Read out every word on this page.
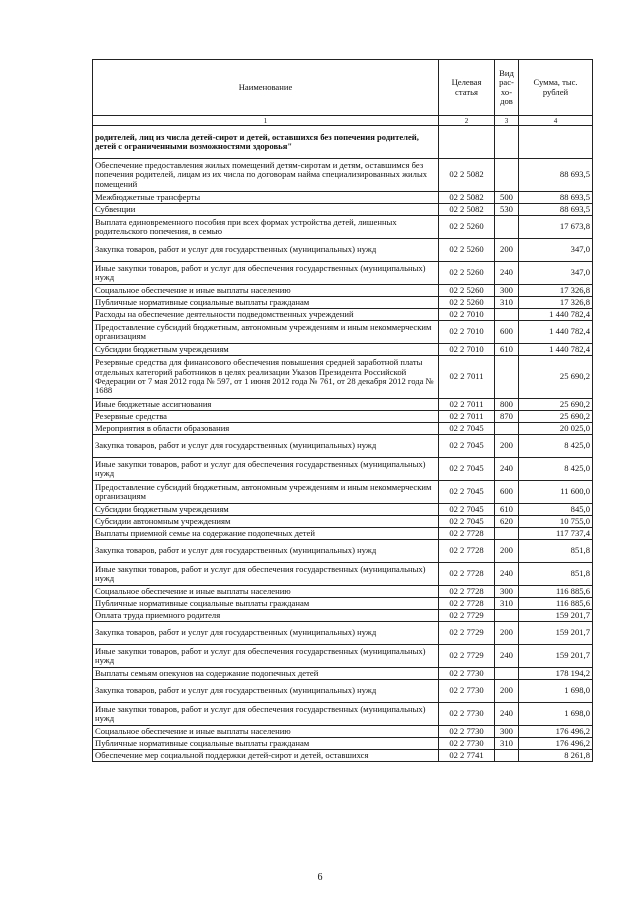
Наименование	Целевая статья	Вид рас-хо-дов	Сумма, тыс. рублей
1	2	3	4
родителей, лиц из числа детей-сирот и детей, оставшихся без попечения родителей, детей с ограниченными возможностями здоровья"			
Обеспечение предоставления жилых помещений детям-сиротам и детям, оставшимся без попечения родителей, лицам из их числа по договорам найма специализированных жилых помещений	02 2 5082		88 693,5
Межбюджетные трансферты	02 2 5082	500	88 693,5
Субвенции	02 2 5082	530	88 693,5
Выплата единовременного пособия при всех формах устройства детей, лишенных родительского попечения, в семью	02 2 5260		17 673,8
Закупка товаров, работ и услуг для государственных (муниципальных) нужд	02 2 5260	200	347,0
Иные закупки товаров, работ и услуг для обеспечения государственных (муниципальных) нужд	02 2 5260	240	347,0
Социальное обеспечение и иные выплаты населению	02 2 5260	300	17 326,8
Публичные нормативные социальные выплаты гражданам	02 2 5260	310	17 326,8
Расходы на обеспечение деятельности подведомственных учреждений	02 2 7010		1 440 782,4
Предоставление субсидий бюджетным, автономным учреждениям и иным некоммерческим организациям	02 2 7010	600	1 440 782,4
Субсидии бюджетным учреждениям	02 2 7010	610	1 440 782,4
Резервные средства для финансового обеспечения повышения средней заработной платы отдельных категорий работников в целях реализации Указов Президента Российской Федерации от 7 мая 2012 года № 597, от 1 июня 2012 года № 761, от 28 декабря 2012 года № 1688	02 2 7011		25 690,2
Иные бюджетные ассигнования	02 2 7011	800	25 690,2
Резервные средства	02 2 7011	870	25 690,2
Мероприятия в области образования	02 2 7045		20 025,0
Закупка товаров, работ и услуг для государственных (муниципальных) нужд	02 2 7045	200	8 425,0
Иные закупки товаров, работ и услуг для обеспечения государственных (муниципальных) нужд	02 2 7045	240	8 425,0
Предоставление субсидий бюджетным, автономным учреждениям и иным некоммерческим организациям	02 2 7045	600	11 600,0
Субсидии бюджетным учреждениям	02 2 7045	610	845,0
Субсидии автономным учреждениям	02 2 7045	620	10 755,0
Выплаты приемной семье на содержание подопечных детей	02 2 7728		117 737,4
Закупка товаров, работ и услуг для государственных (муниципальных) нужд	02 2 7728	200	851,8
Иные закупки товаров, работ и услуг для обеспечения государственных (муниципальных) нужд	02 2 7728	240	851,8
Социальное обеспечение и иные выплаты населению	02 2 7728	300	116 885,6
Публичные нормативные социальные выплаты гражданам	02 2 7728	310	116 885,6
Оплата труда приемного родителя	02 2 7729		159 201,7
Закупка товаров, работ и услуг для государственных (муниципальных) нужд	02 2 7729	200	159 201,7
Иные закупки товаров, работ и услуг для обеспечения государственных (муниципальных) нужд	02 2 7729	240	159 201,7
Выплаты семьям опекунов на содержание подопечных детей	02 2 7730		178 194,2
Закупка товаров, работ и услуг для государственных (муниципальных) нужд	02 2 7730	200	1 698,0
Иные закупки товаров, работ и услуг для обеспечения государственных (муниципальных) нужд	02 2 7730	240	1 698,0
Социальное обеспечение и иные выплаты населению	02 2 7730	300	176 496,2
Публичные нормативные социальные выплаты гражданам	02 2 7730	310	176 496,2
Обеспечение мер социальной поддержки детей-сирот и детей, оставшихся	02 2 7741		8 261,8
6
